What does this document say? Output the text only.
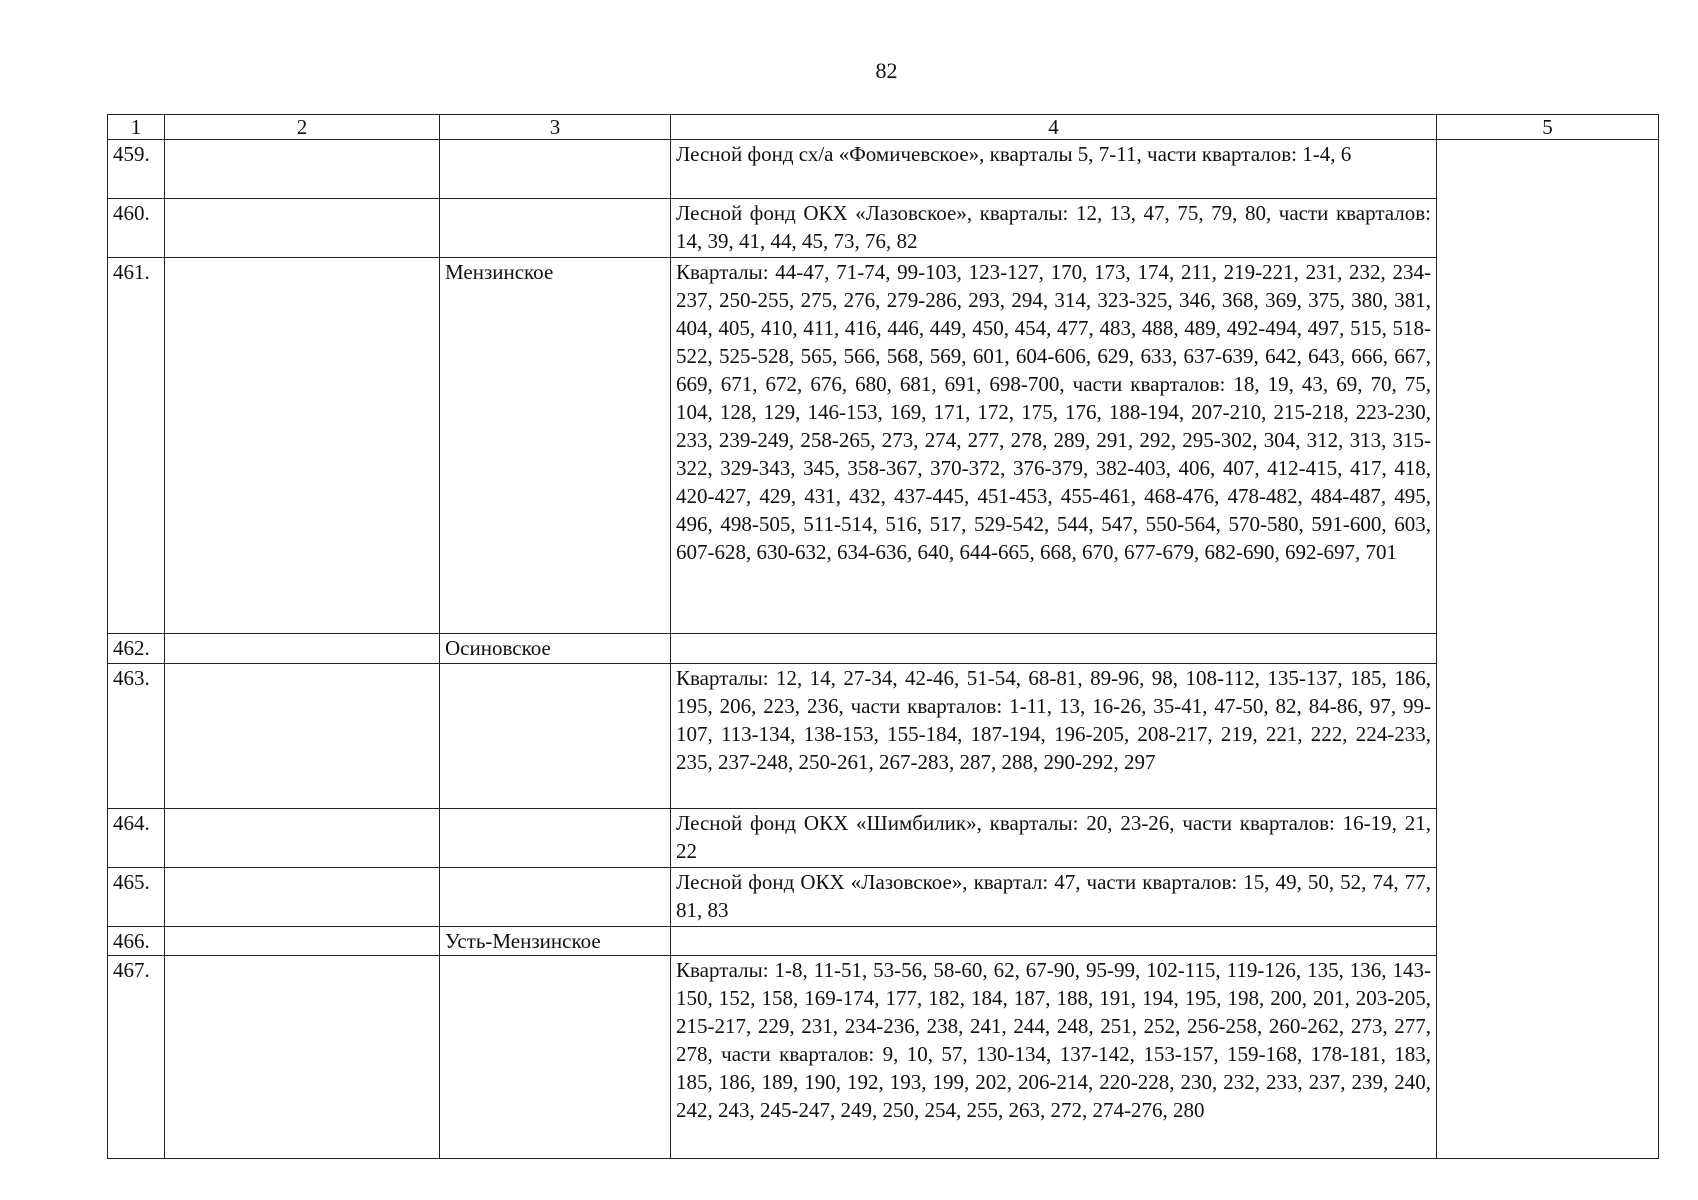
82
1	2	3	4	5
459.			Лесной фонд сх/а «Фомичевское», кварталы 5, 7-11, части кварталов: 1-4, 6	
460.			Лесной фонд ОКХ «Лазовское», кварталы: 12, 13, 47, 75, 79, 80, части кварталов: 14, 39, 41, 44, 45, 73, 76, 82	
461.		Мензинское	Кварталы: 44-47, 71-74, 99-103, 123-127, 170, 173, 174, 211, 219-221, 231, 232, 234-237, 250-255, 275, 276, 279-286, 293, 294, 314, 323-325, 346, 368, 369, 375, 380, 381, 404, 405, 410, 411, 416, 446, 449, 450, 454, 477, 483, 488, 489, 492-494, 497, 515, 518-522, 525-528, 565, 566, 568, 569, 601, 604-606, 629, 633, 637-639, 642, 643, 666, 667, 669, 671, 672, 676, 680, 681, 691, 698-700, части кварталов: 18, 19, 43, 69, 70, 75, 104, 128, 129, 146-153, 169, 171, 172, 175, 176, 188-194, 207-210, 215-218, 223-230, 233, 239-249, 258-265, 273, 274, 277, 278, 289, 291, 292, 295-302, 304, 312, 313, 315-322, 329-343, 345, 358-367, 370-372, 376-379, 382-403, 406, 407, 412-415, 417, 418, 420-427, 429, 431, 432, 437-445, 451-453, 455-461, 468-476, 478-482, 484-487, 495, 496, 498-505, 511-514, 516, 517, 529-542, 544, 547, 550-564, 570-580, 591-600, 603, 607-628, 630-632, 634-636, 640, 644-665, 668, 670, 677-679, 682-690, 692-697, 701	
462.		Осиновское		
463.			Кварталы: 12, 14, 27-34, 42-46, 51-54, 68-81, 89-96, 98, 108-112, 135-137, 185, 186, 195, 206, 223, 236, части кварталов: 1-11, 13, 16-26, 35-41, 47-50, 82, 84-86, 97, 99-107, 113-134, 138-153, 155-184, 187-194, 196-205, 208-217, 219, 221, 222, 224-233, 235, 237-248, 250-261, 267-283, 287, 288, 290-292, 297	
464.			Лесной фонд ОКХ «Шимбилик», кварталы: 20, 23-26, части кварталов: 16-19, 21, 22	
465.			Лесной фонд ОКХ «Лазовское», квартал: 47, части кварталов: 15, 49, 50, 52, 74, 77, 81, 83	
466.		Усть-Мензинское		
467.			Кварталы: 1-8, 11-51, 53-56, 58-60, 62, 67-90, 95-99, 102-115, 119-126, 135, 136, 143-150, 152, 158, 169-174, 177, 182, 184, 187, 188, 191, 194, 195, 198, 200, 201, 203-205, 215-217, 229, 231, 234-236, 238, 241, 244, 248, 251, 252, 256-258, 260-262, 273, 277, 278, части кварталов: 9, 10, 57, 130-134, 137-142, 153-157, 159-168, 178-181, 183, 185, 186, 189, 190, 192, 193, 199, 202, 206-214, 220-228, 230, 232, 233, 237, 239, 240, 242, 243, 245-247, 249, 250, 254, 255, 263, 272, 274-276, 280	
